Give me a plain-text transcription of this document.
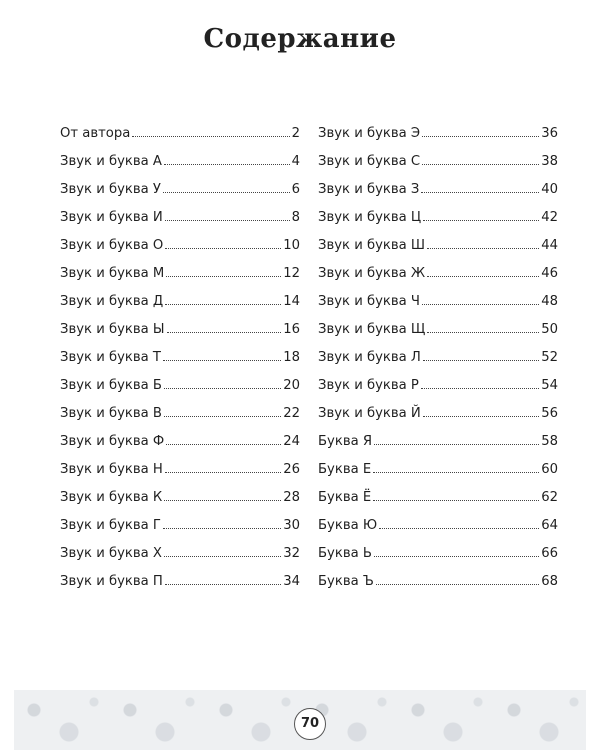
Содержание
От автора	2
Звук и буква А	4
Звук и буква У	6
Звук и буква И	8
Звук и буква О	10
Звук и буква М	12
Звук и буква Д	14
Звук и буква Ы	16
Звук и буква Т	18
Звук и буква Б	20
Звук и буква В	22
Звук и буква Ф	24
Звук и буква Н	26
Звук и буква К	28
Звук и буква Г	30
Звук и буква Х	32
Звук и буква П	34
Звук и буква Э	36
Звук и буква С	38
Звук и буква З	40
Звук и буква Ц	42
Звук и буква Ш	44
Звук и буква Ж	46
Звук и буква Ч	48
Звук и буква Щ	50
Звук и буква Л	52
Звук и буква Р	54
Звук и буква Й	56
Буква Я	58
Буква Е	60
Буква Ё	62
Буква Ю	64
Буква Ь	66
Буква Ъ	68
70
